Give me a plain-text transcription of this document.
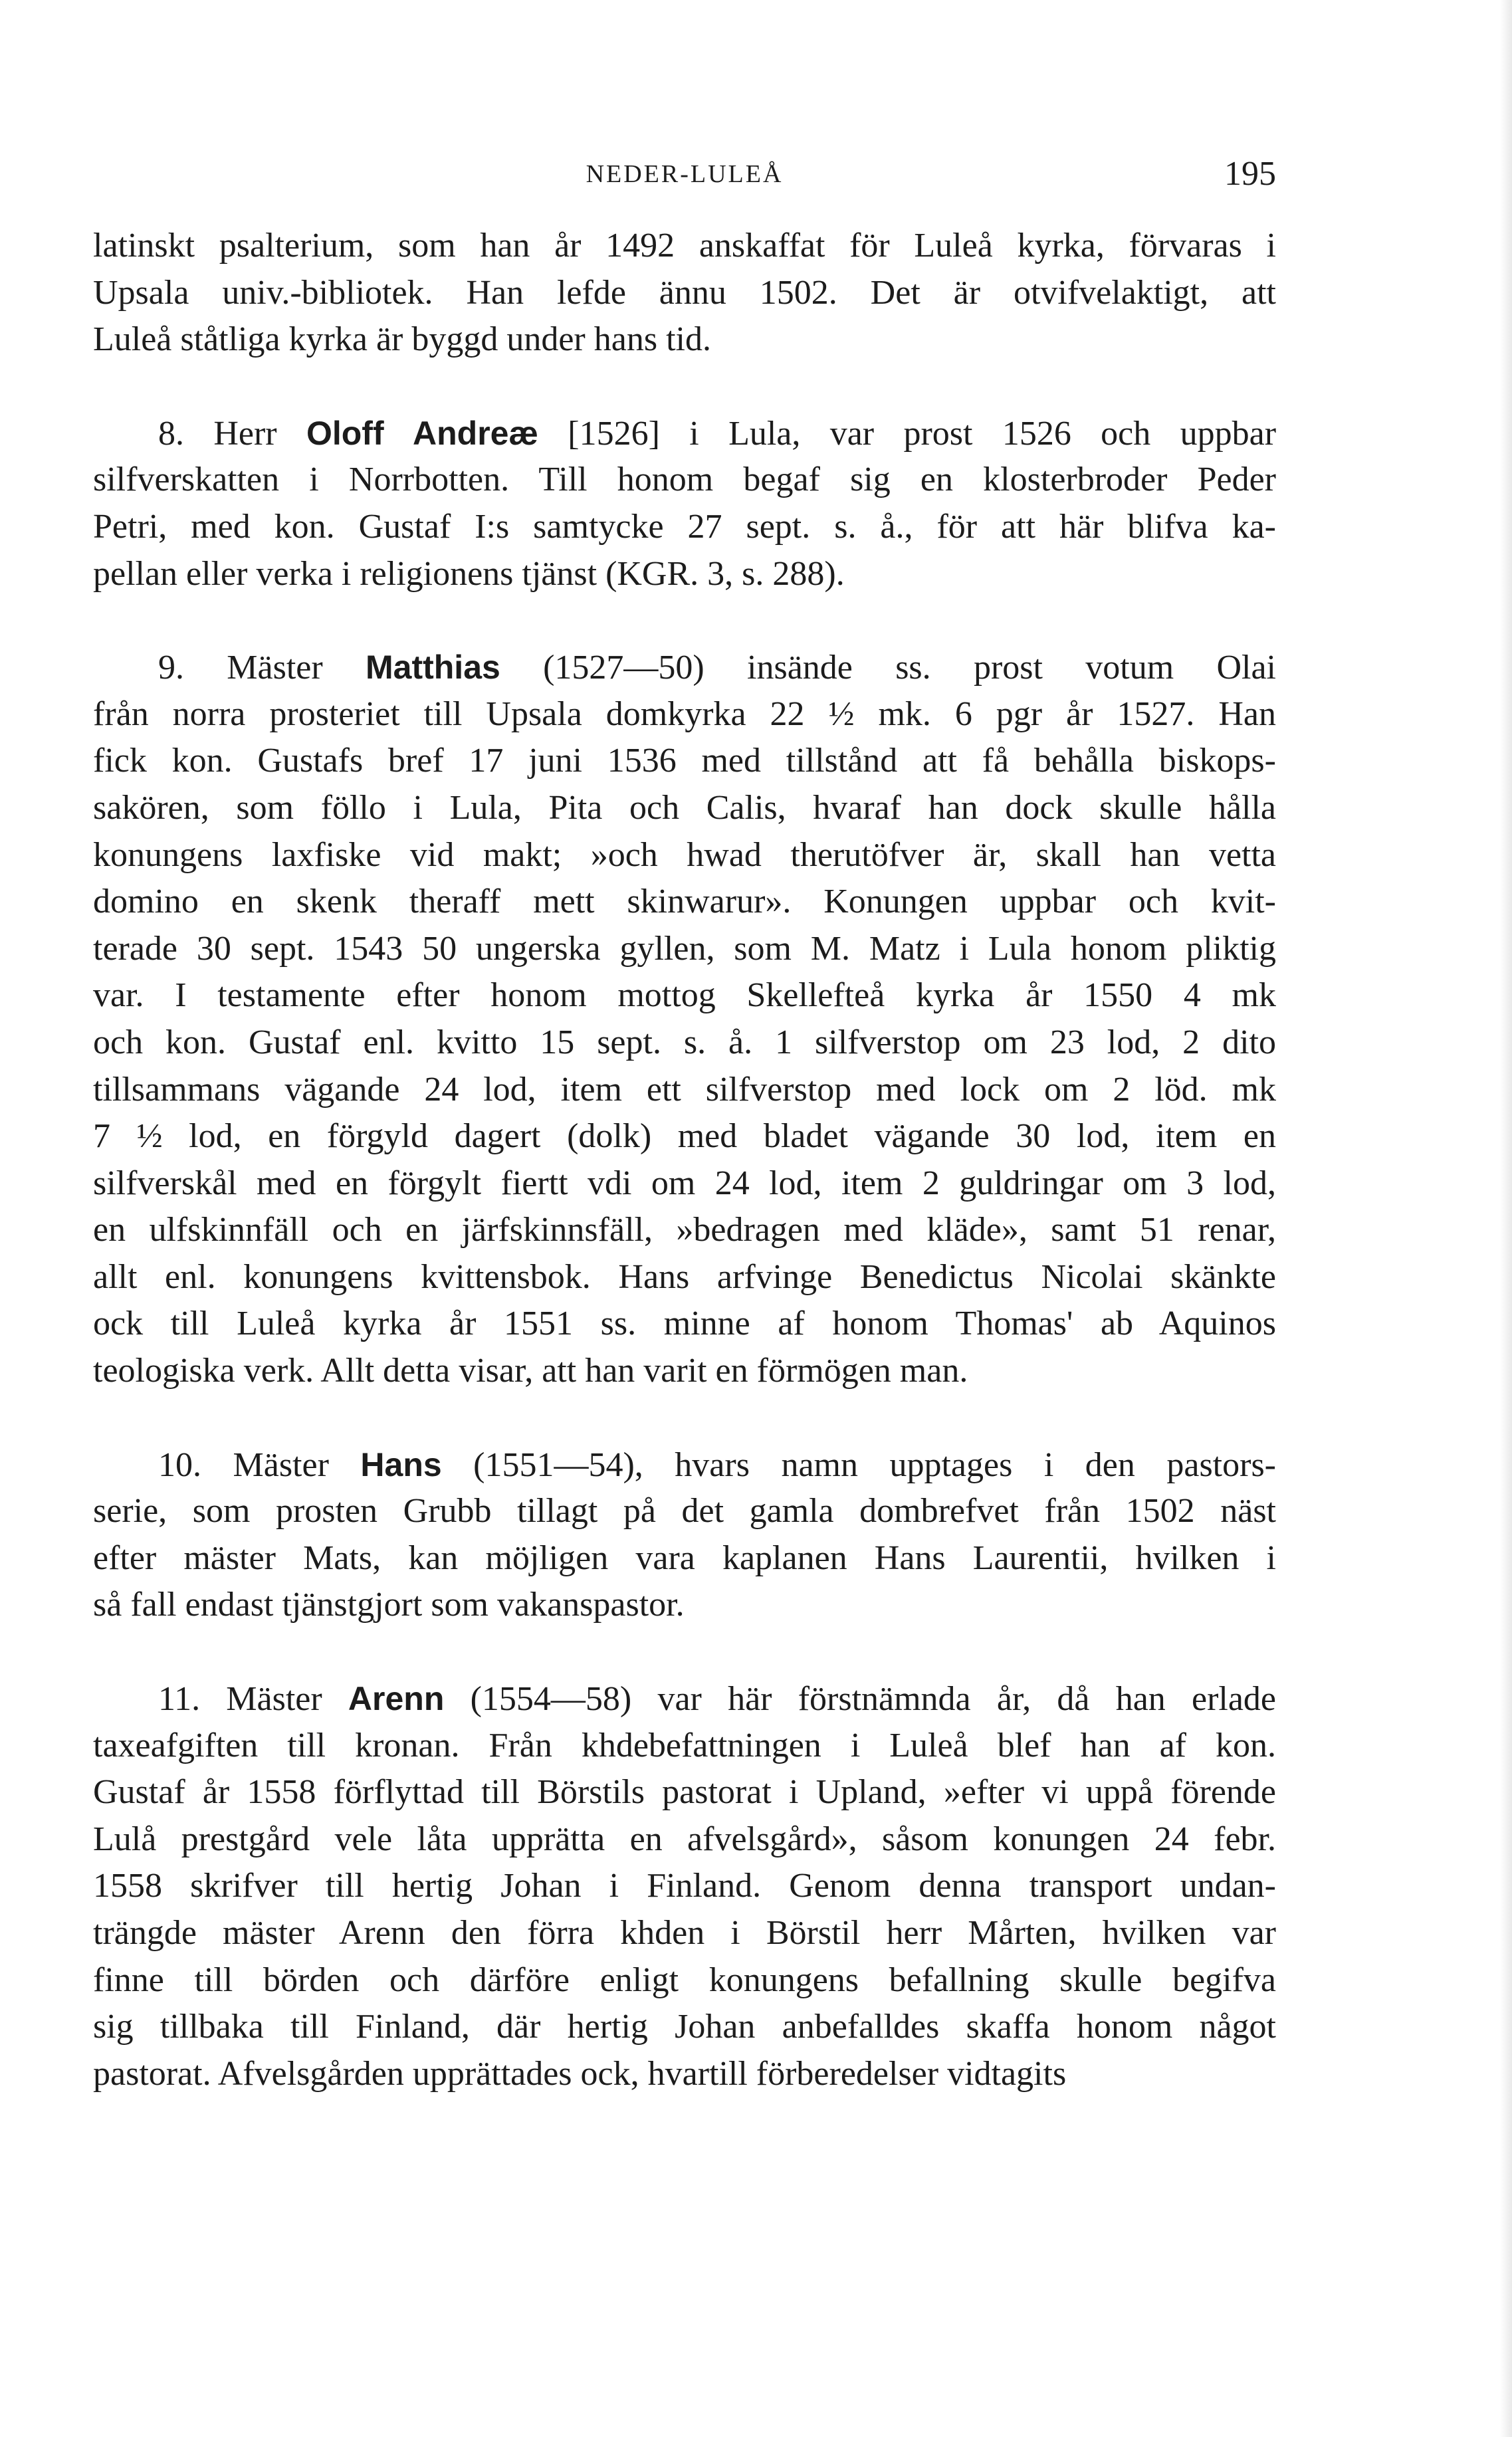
NEDER-LULEÅ	195
latinskt psalterium, som han år 1492 anskaffat för Luleå kyrka, förvaras i
Upsala univ.-bibliotek. Han lefde ännu 1502. Det är otvifvelaktigt, att
Luleå ståtliga kyrka är byggd under hans tid.
8. Herr Oloff Andreæ [1526] i Lula, var prost 1526 och uppbar
silfverskatten i Norrbotten. Till honom begaf sig en klosterbroder Peder
Petri, med kon. Gustaf I:s samtycke 27 sept. s. å., för att här blifva ka-
pellan eller verka i religionens tjänst (KGR. 3, s. 288).
9. Mäster Matthias (1527—50) insände ss. prost votum Olai
från norra prosteriet till Upsala domkyrka 22 ½ mk. 6 pgr år 1527. Han
fick kon. Gustafs bref 17 juni 1536 med tillstånd att få behålla biskops-
sakören, som föllo i Lula, Pita och Calis, hvaraf han dock skulle hålla
konungens laxfiske vid makt; »och hwad therutöfver är, skall han vetta
domino en skenk theraff mett skinwarur». Konungen uppbar och kvit-
terade 30 sept. 1543 50 ungerska gyllen, som M. Matz i Lula honom pliktig
var. I testamente efter honom mottog Skellefteå kyrka år 1550 4 mk
och kon. Gustaf enl. kvitto 15 sept. s. å. 1 silfverstop om 23 lod, 2 dito
tillsammans vägande 24 lod, item ett silfverstop med lock om 2 löd. mk
7 ½ lod, en förgyld dagert (dolk) med bladet vägande 30 lod, item en
silfverskål med en förgylt fiertt vdi om 24 lod, item 2 guldringar om 3 lod,
en ulfskinnfäll och en järfskinnsfäll, »bedragen med kläde», samt 51 renar,
allt enl. konungens kvittensbok. Hans arfvinge Benedictus Nicolai skänkte
ock till Luleå kyrka år 1551 ss. minne af honom Thomas' ab Aquinos
teologiska verk. Allt detta visar, att han varit en förmögen man.
10. Mäster Hans (1551—54), hvars namn upptages i den pastors-
serie, som prosten Grubb tillagt på det gamla dombrefvet från 1502 näst
efter mäster Mats, kan möjligen vara kaplanen Hans Laurentii, hvilken i
så fall endast tjänstgjort som vakanspastor.
11. Mäster Arenn (1554—58) var här förstnämnda år, då han erlade
taxeafgiften till kronan. Från khdebefattningen i Luleå blef han af kon.
Gustaf år 1558 förflyttad till Börstils pastorat i Upland, »efter vi uppå förende
Lulå prestgård vele låta upprätta en afvelsgård», såsom konungen 24 febr.
1558 skrifver till hertig Johan i Finland. Genom denna transport undan-
trängde mäster Arenn den förra khden i Börstil herr Mårten, hvilken var
finne till börden och därföre enligt konungens befallning skulle begifva
sig tillbaka till Finland, där hertig Johan anbefalldes skaffa honom något
pastorat. Afvelsgården upprättades ock, hvartill förberedelser vidtagits
